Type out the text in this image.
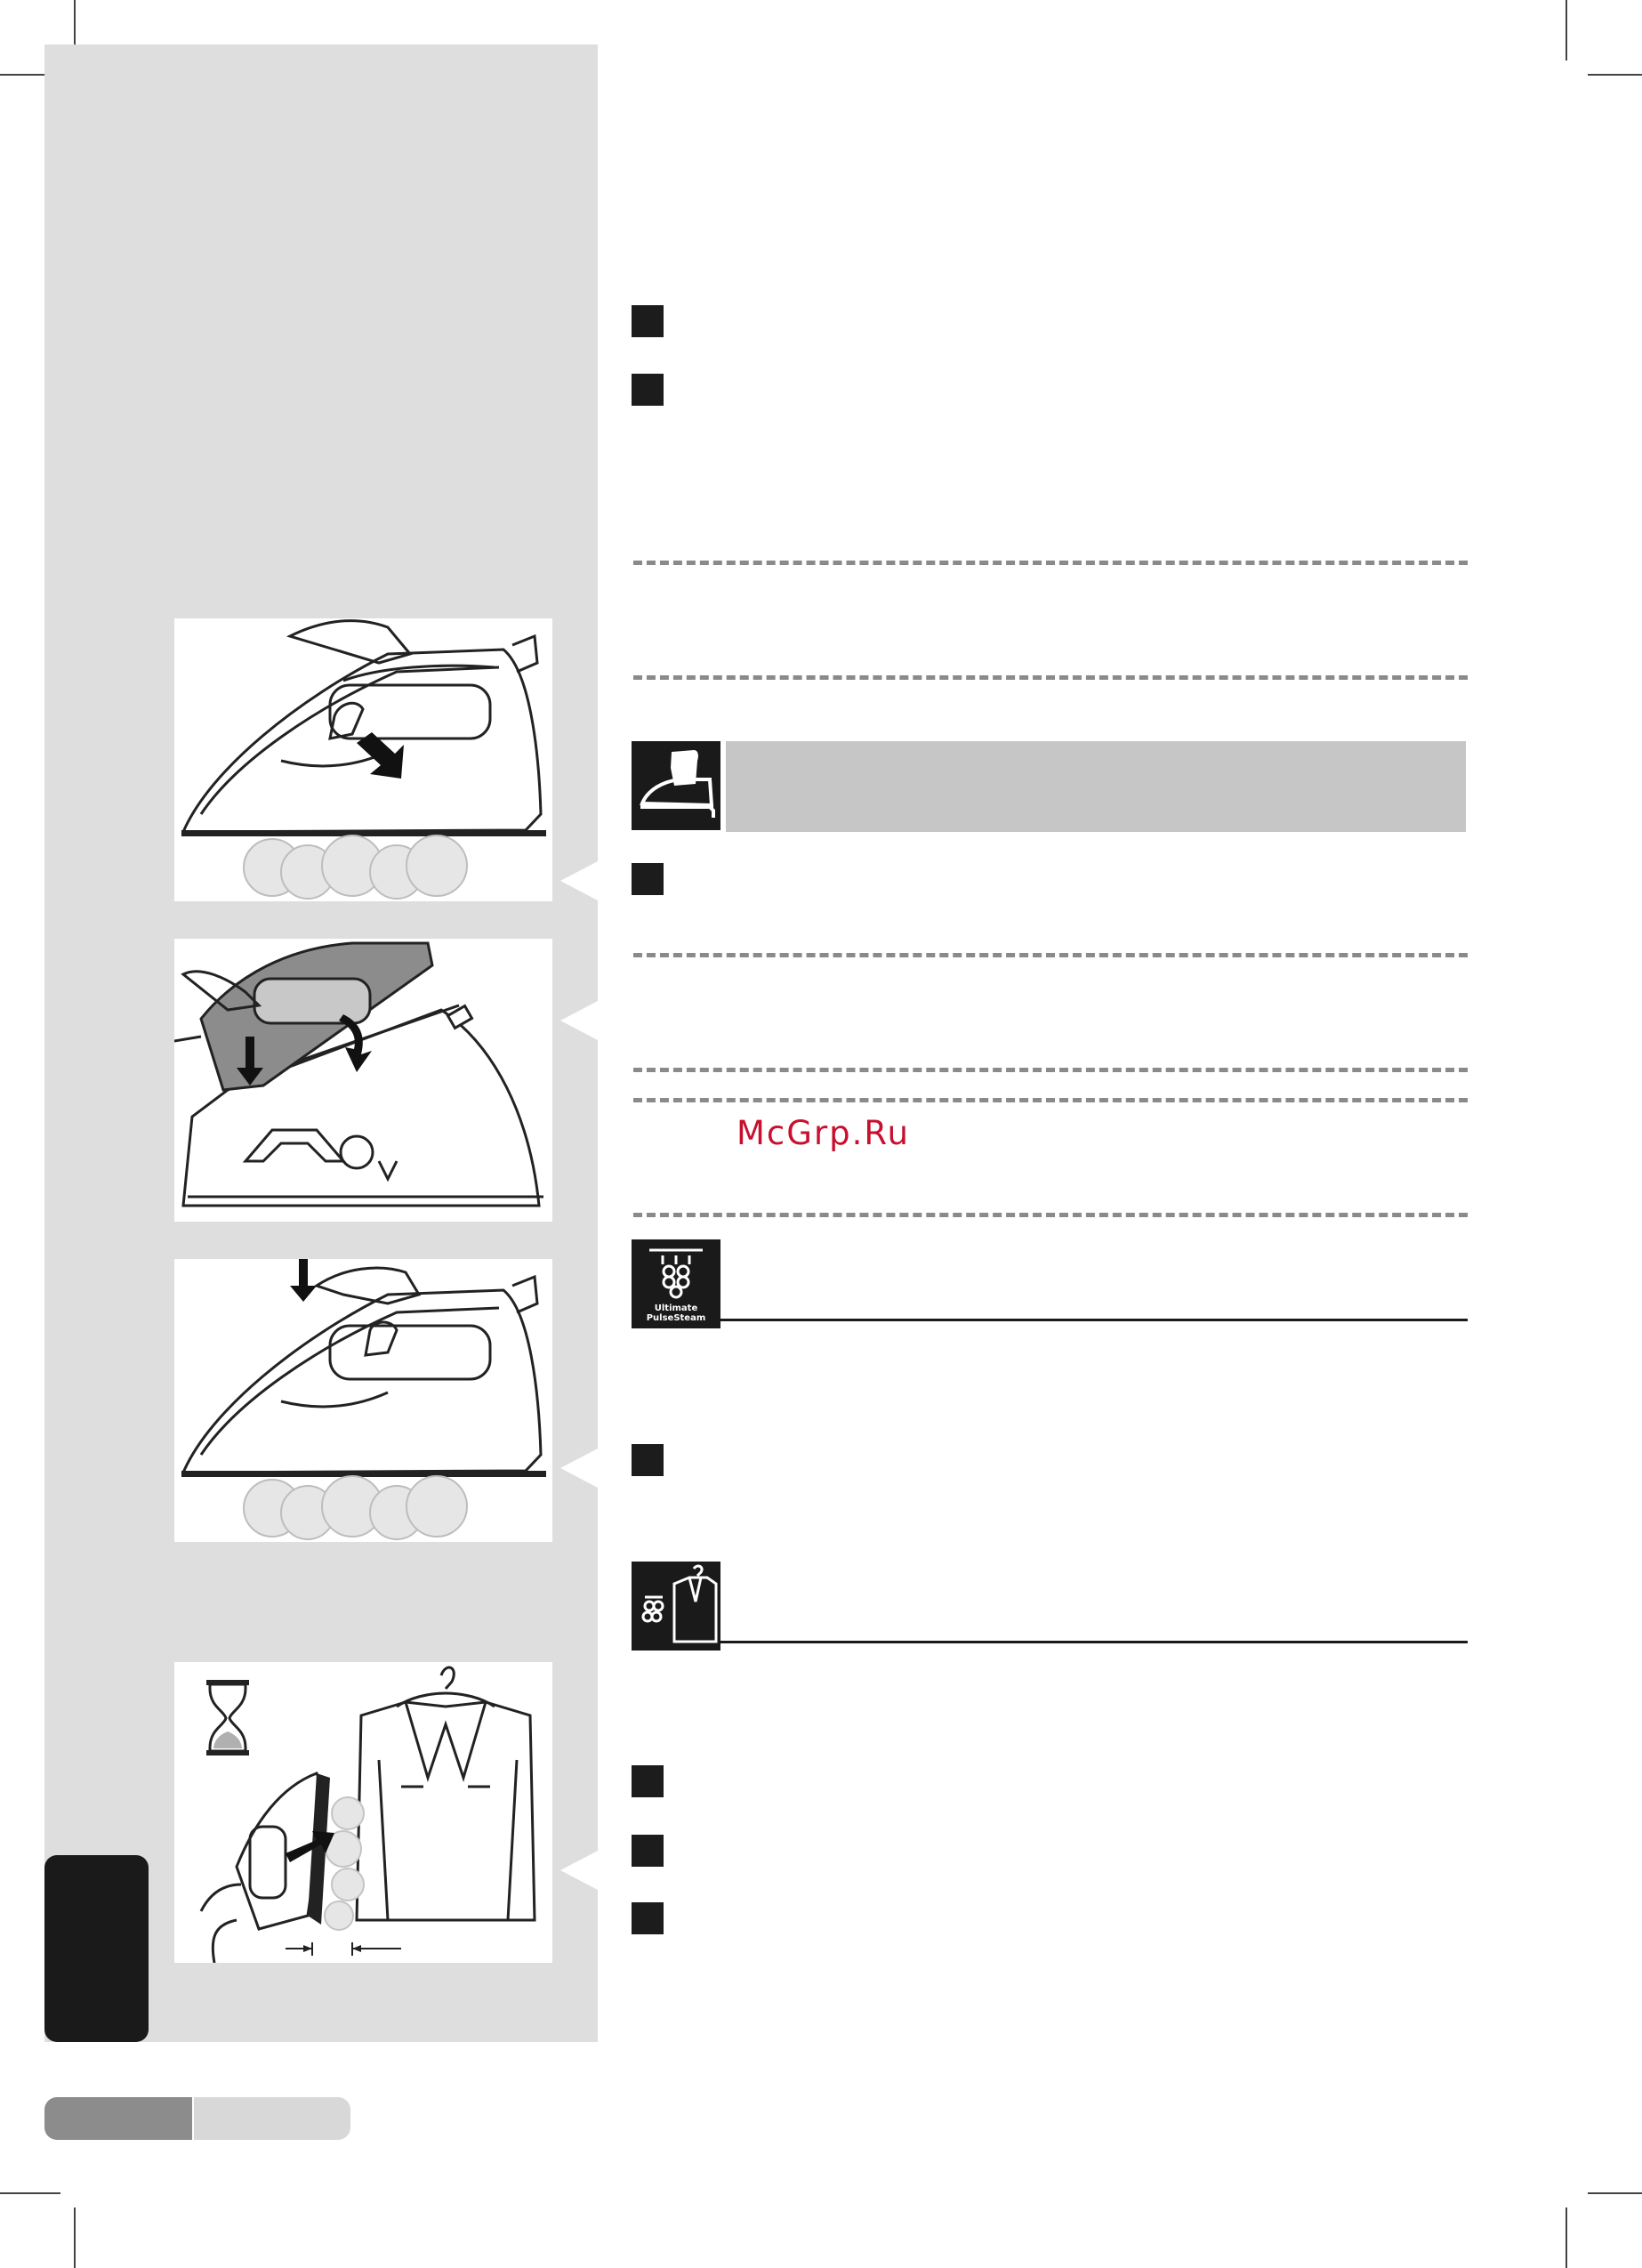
McGrp.Ru
Ultimate
PulseSteam
